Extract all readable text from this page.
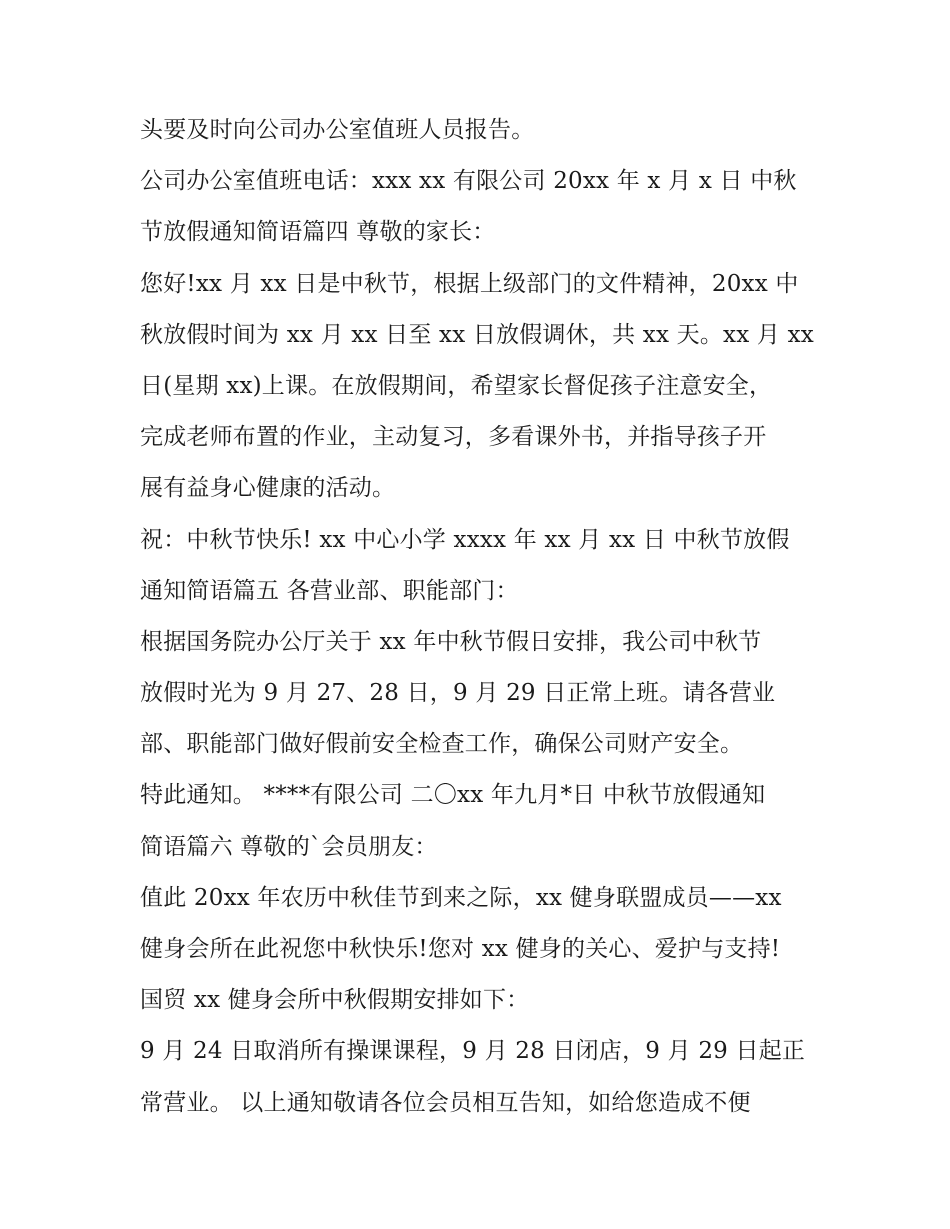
头要及时向公司办公室值班人员报告。
公司办公室值班电话：xxx xx 有限公司 20xx 年 x 月 x 日 中秋
节放假通知简语篇四 尊敬的家长：
您好!xx 月 xx 日是中秋节，根据上级部门的文件精神，20xx 中
秋放假时间为 xx 月 xx 日至 xx 日放假调休，共 xx 天。xx 月 xx
日(星期 xx)上课。在放假期间，希望家长督促孩子注意安全，
完成老师布置的作业，主动复习，多看课外书，并指导孩子开
展有益身心健康的活动。
祝：中秋节快乐! xx 中心小学 xxxx 年 xx 月 xx 日 中秋节放假
通知简语篇五 各营业部、职能部门：
根据国务院办公厅关于 xx 年中秋节假日安排，我公司中秋节
放假时光为 9 月 27、28 日，9 月 29 日正常上班。请各营业
部、职能部门做好假前安全检查工作，确保公司财产安全。
特此通知。 ****有限公司 二〇xx 年九月*日 中秋节放假通知
简语篇六 尊敬的`会员朋友：
值此 20xx 年农历中秋佳节到来之际，xx 健身联盟成员——xx
健身会所在此祝您中秋快乐!您对 xx 健身的关心、爱护与支持!
国贸 xx 健身会所中秋假期安排如下：
9 月 24 日取消所有操课课程，9 月 28 日闭店，9 月 29 日起正
常营业。 以上通知敬请各位会员相互告知，如给您造成不便
